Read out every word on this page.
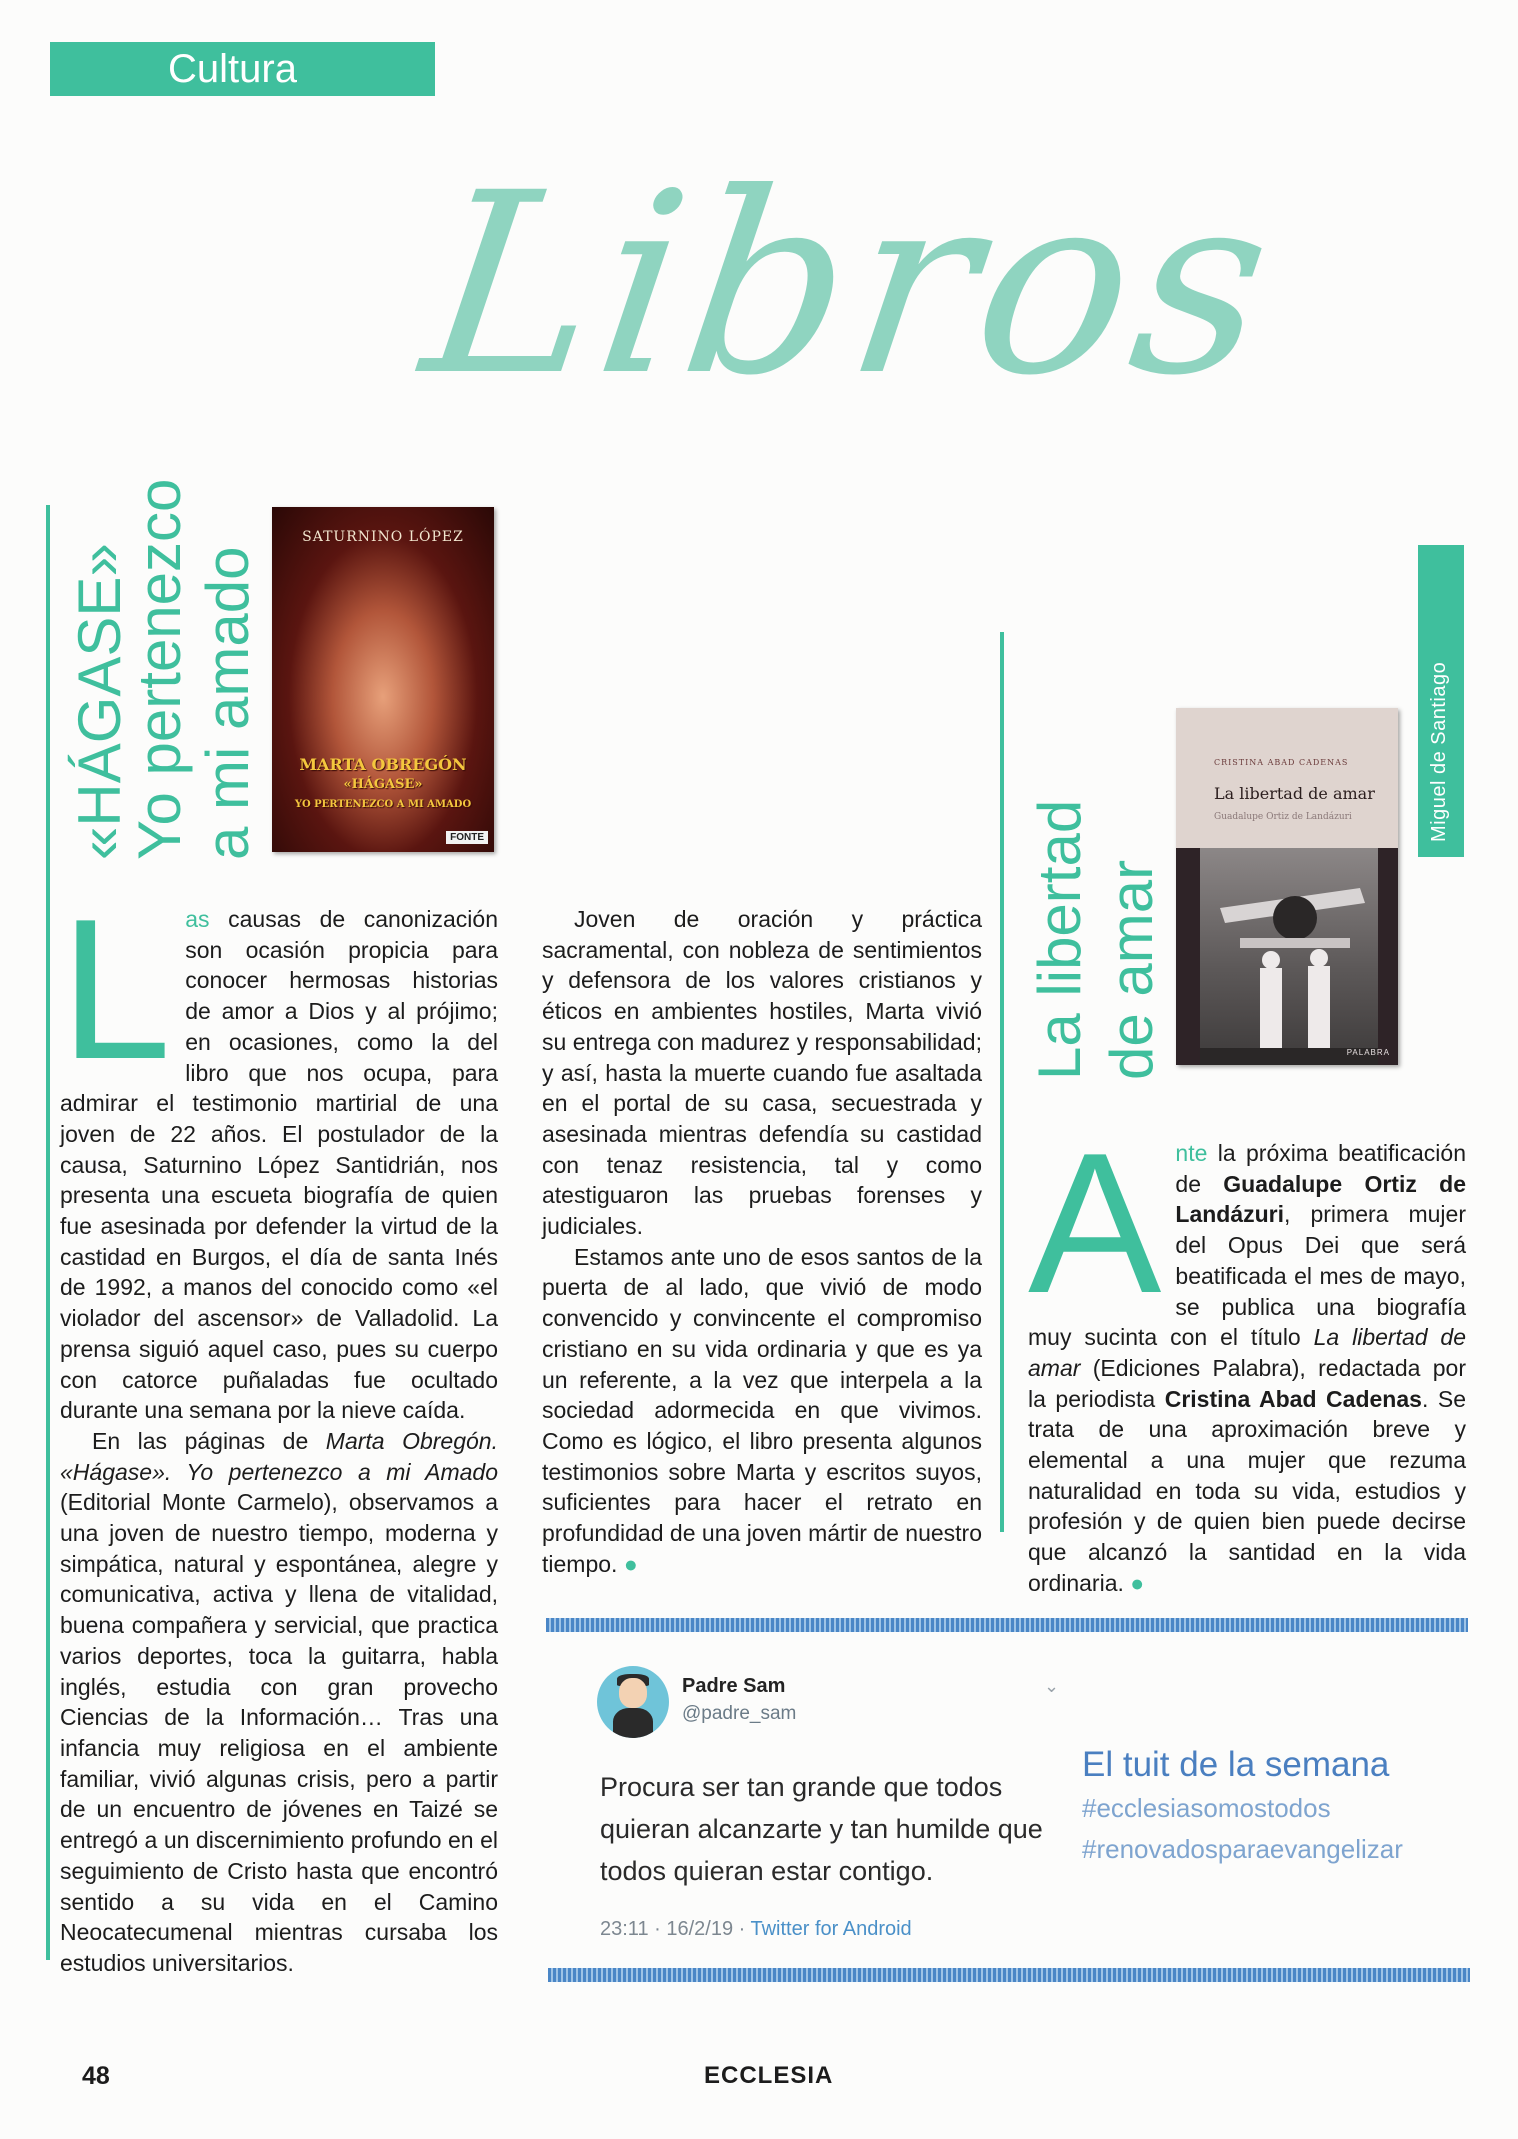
Cultura
Libros
«HÁGASE»
Yo pertenezco a mi amado
SATURNINO LÓPEZ
MARTA OBREGÓN
«HÁGASE»
YO PERTENEZCO A MI AMADO
FONTE

Las causas de canonización son ocasión propicia para conocer hermosas historias de amor a Dios y al prójimo; en ocasiones, como la del libro que nos ocupa, para admirar el testimonio martirial de una joven de 22 años. El postulador de la causa, Saturnino López Santidrián, nos presenta una escueta biografía de quien fue asesinada por defender la virtud de la castidad en Burgos, el día de santa Inés de 1992, a manos del conocido como «el violador del ascensor» de Valladolid. La prensa siguió aquel caso, pues su cuerpo con catorce puñaladas fue ocultado durante una semana por la nieve caída.

En las páginas de Marta Obregón. «Hágase». Yo pertenezco a mi Amado (Editorial Monte Carmelo), observamos a una joven de nuestro tiempo, moderna y simpática, natural y espontánea, alegre y comunicativa, activa y llena de vitalidad, buena compañera y servicial, que practica varios deportes, toca la guitarra, habla inglés, estudia con gran provecho Ciencias de la Información… Tras una infancia muy religiosa en el ambiente familiar, vivió algunas crisis, pero a partir de un encuentro de jóvenes en Taizé se entregó a un discernimiento profundo en el seguimiento de Cristo hasta que encontró sentido a su vida en el Camino Neocatecumenal mientras cursaba los estudios universitarios.

Joven de oración y práctica sacramental, con nobleza de sentimientos y defensora de los valores cristianos y éticos en ambientes hostiles, Marta vivió su entrega con madurez y responsabilidad; y así, hasta la muerte cuando fue asaltada en el portal de su casa, secuestrada y asesinada mientras defendía su castidad con tenaz resistencia, tal y como atestiguaron las pruebas forenses y judiciales.

Estamos ante uno de esos santos de la puerta de al lado, que vivió de modo convencido y convincente el compromiso cristiano en su vida ordinaria y que es ya un referente, a la vez que interpela a la sociedad adormecida en que vivimos. Como es lógico, el libro presenta algunos testimonios sobre Marta y escritos suyos, suficientes para hacer el retrato en profundidad de una joven mártir de nuestro tiempo. ●

La libertad de amar
Miguel de Santiago
CRISTINA ABAD CADENAS
La libertad de amar
Guadalupe Ortiz de Landázuri
PALABRA

Ante la próxima beatificación de Guadalupe Ortiz de Landázuri, primera mujer del Opus Dei que será beatificada el mes de mayo, se publica una biografía muy sucinta con el título La libertad de amar (Ediciones Palabra), redactada por la periodista Cristina Abad Cadenas. Se trata de una aproximación breve y elemental a una mujer que rezuma naturalidad en toda su vida, estudios y profesión y de quien bien puede decirse que alcanzó la santidad en la vida ordinaria. ●

Padre Sam
@padre_sam
⌄
Procura ser tan grande que todos quieran alcanzarte y tan humilde que todos quieran estar contigo.
23:11 · 16/2/19 · Twitter for Android
El tuit de la semana
#ecclesiasomostodos
#renovadosparaevangelizar
48	ECCLESIA
